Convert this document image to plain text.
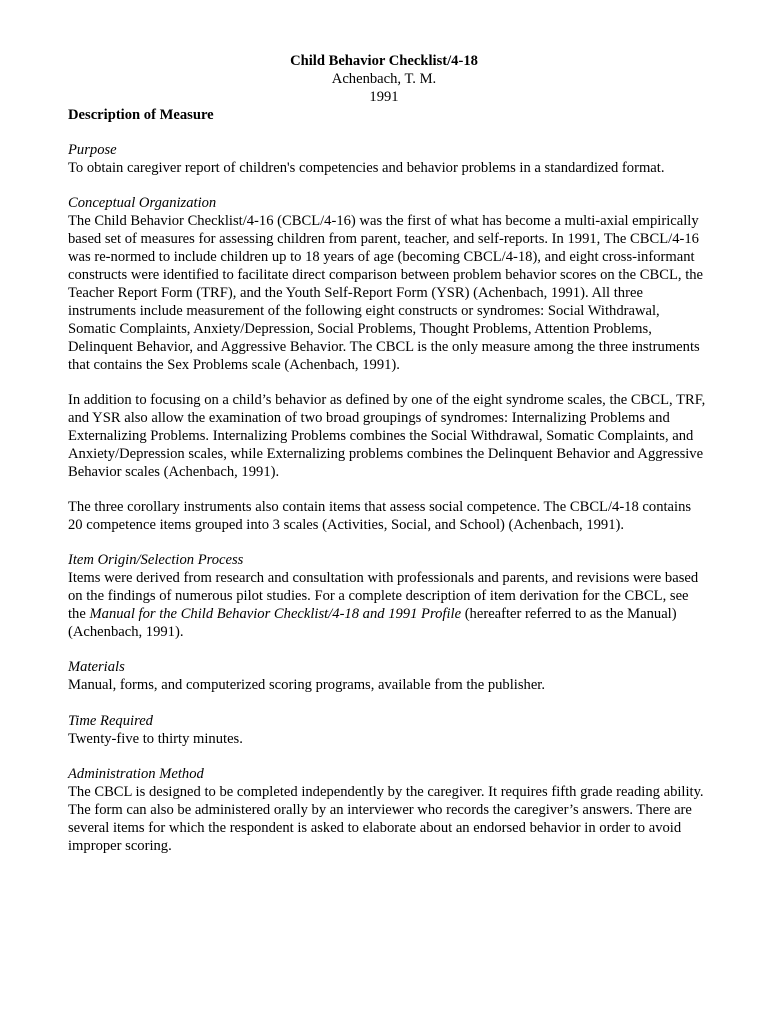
Child Behavior Checklist/4-18
Achenbach, T. M.
1991
Description of Measure
Purpose

To obtain caregiver report of children's competencies and behavior problems in a standardized format.

Conceptual Organization

The Child Behavior Checklist/4-16 (CBCL/4-16) was the first of what has become a multi-axial empirically based set of measures for assessing children from parent, teacher, and self-reports. In 1991, The CBCL/4-16 was re-normed to include children up to 18 years of age (becoming CBCL/4-18), and eight cross-informant constructs were identified to facilitate direct comparison between problem behavior scores on the CBCL, the Teacher Report Form (TRF), and the Youth Self-Report Form (YSR) (Achenbach, 1991). All three instruments include measurement of the following eight constructs or syndromes: Social Withdrawal, Somatic Complaints, Anxiety/Depression, Social Problems, Thought Problems, Attention Problems, Delinquent Behavior, and Aggressive Behavior. The CBCL is the only measure among the three instruments that contains the Sex Problems scale (Achenbach, 1991).

In addition to focusing on a child’s behavior as defined by one of the eight syndrome scales, the CBCL, TRF, and YSR also allow the examination of two broad groupings of syndromes: Internalizing Problems and Externalizing Problems. Internalizing Problems combines the Social Withdrawal, Somatic Complaints, and Anxiety/Depression scales, while Externalizing problems combines the Delinquent Behavior and Aggressive Behavior scales (Achenbach, 1991).

The three corollary instruments also contain items that assess social competence. The CBCL/4-18 contains 20 competence items grouped into 3 scales (Activities, Social, and School) (Achenbach, 1991).

Item Origin/Selection Process

Items were derived from research and consultation with professionals and parents, and revisions were based on the findings of numerous pilot studies. For a complete description of item derivation for the CBCL, see the Manual for the Child Behavior Checklist/4-18 and 1991 Profile (hereafter referred to as the Manual) (Achenbach, 1991).

Materials

Manual, forms, and computerized scoring programs, available from the publisher.

Time Required

Twenty-five to thirty minutes.

Administration Method

The CBCL is designed to be completed independently by the caregiver. It requires fifth grade reading ability. The form can also be administered orally by an interviewer who records the caregiver’s answers. There are several items for which the respondent is asked to elaborate about an endorsed behavior in order to avoid improper scoring.
